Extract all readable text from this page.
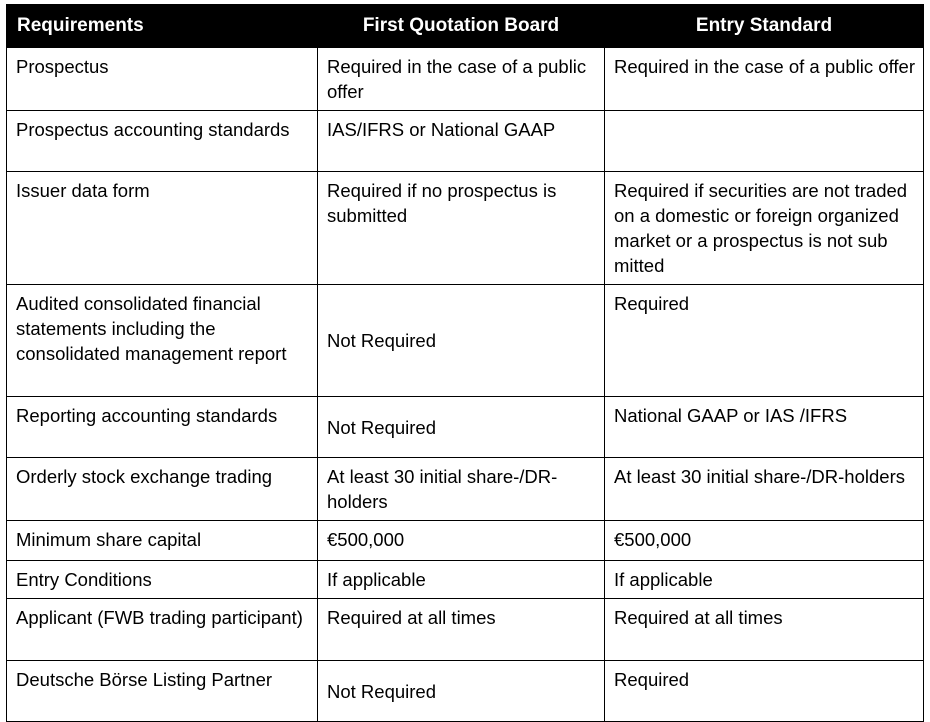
Requirements	First Quotation Board	Entry Standard
Prospectus	Required in the case of a public offer	Required in the case of a public offer
Prospectus accounting standards	IAS/IFRS or National GAAP	
Issuer data form	Required if no prospectus is submitted	Required if securities are not traded on a domestic or foreign organized market or a prospectus is not sub mitted
Audited consolidated financial statements including the consolidated management report	Not Required	Required
Reporting accounting standards	Not Required	National GAAP or IAS /IFRS
Orderly stock exchange trading	At least 30 initial share-/DR-holders	At least 30 initial share-/DR-holders
Minimum share capital	€500,000	€500,000
Entry Conditions	If applicable	If applicable
Applicant (FWB trading participant)	Required at all times	Required at all times
Deutsche Börse Listing Partner	Not Required	Required
